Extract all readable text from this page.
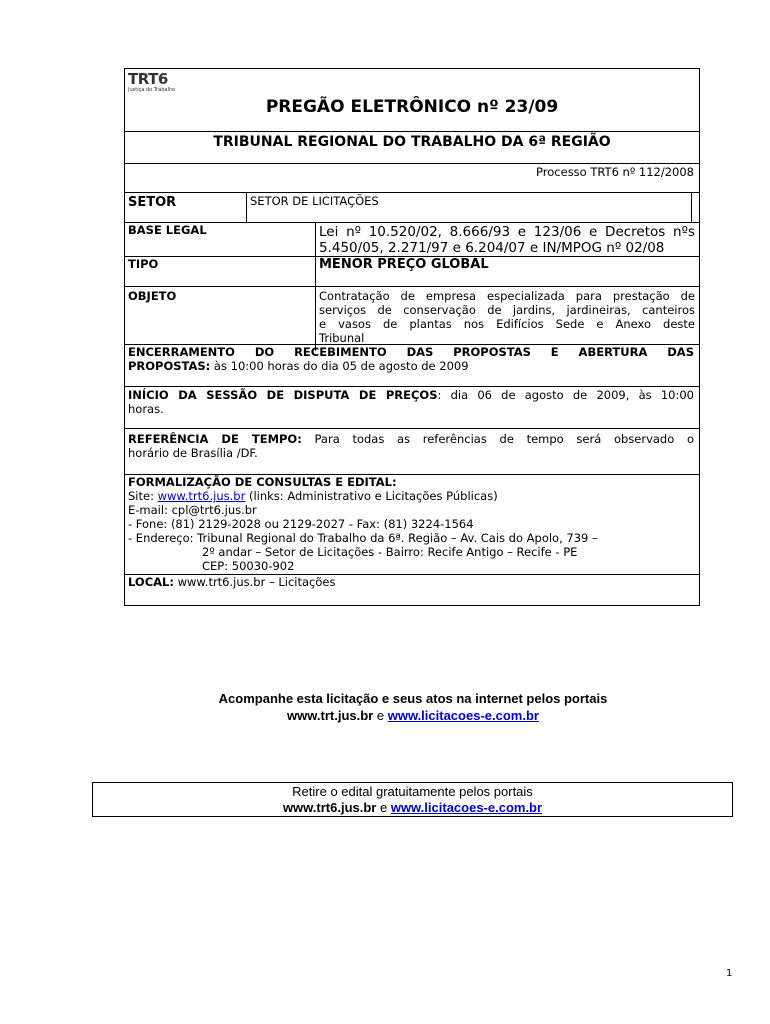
TRT6
Justiça do Trabalho
PREGÃO ELETRÔNICO nº 23/09
TRIBUNAL REGIONAL DO TRABALHO DA 6ª REGIÃO
Processo TRT6 nº 112/2008
SETOR	SETOR DE LICITAÇÕES
BASE LEGAL	Lei nº 10.520/02, 8.666/93 e 123/06 e Decretos nºs
5.450/05, 2.271/97 e 6.204/07 e IN/MPOG nº 02/08
TIPO	MENOR PREÇO GLOBAL
OBJETO	Contratação de empresa especializada para prestação de
serviços de conservação de jardins, jardineiras, canteiros
e vasos de plantas nos Edifícios Sede e Anexo deste
Tribunal
ENCERRAMENTO DO RECEBIMENTO DAS PROPOSTAS E ABERTURA DAS
PROPOSTAS: às 10:00 horas do dia 05 de agosto de 2009
INÍCIO DA SESSÃO DE DISPUTA DE PREÇOS: dia 06 de agosto de 2009, às 10:00
horas.
REFERÊNCIA DE TEMPO: Para todas as referências de tempo será observado o
horário de Brasília /DF.
FORMALIZAÇÃO DE CONSULTAS E EDITAL:
Site: www.trt6.jus.br (links: Administrativo e Licitações Públicas)
E-mail: cpl@trt6.jus.br
- Fone: (81) 2129-2028 ou 2129-2027 - Fax: (81) 3224-1564
- Endereço: Tribunal Regional do Trabalho da 6ª. Região – Av. Cais do Apolo, 739 –
2º andar – Setor de Licitações - Bairro: Recife Antigo – Recife - PE
CEP: 50030-902
LOCAL: www.trt6.jus.br – Licitações
Acompanhe esta licitação e seus atos na internet pelos portais
www.trt.jus.br e www.licitacoes-e.com.br
Retire o edital gratuitamente pelos portais
www.trt6.jus.br e www.licitacoes-e.com.br
1
